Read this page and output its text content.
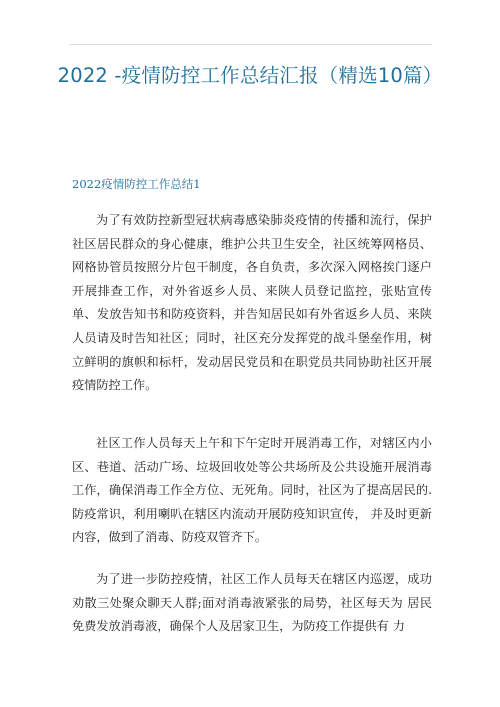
2022 -疫情防控工作总结汇报（精选10篇）
2022疫情防控工作总结1

为了有效防控新型冠状病毒感染肺炎疫情的传播和流行，保护社区居民群众的身心健康，维护公共卫生安全，社区统筹网格员、网格协管员按照分片包干制度，各自负责，多次深入网格挨门逐户开展排查工作，对外省返乡人员、来陕人员登记监控，张贴宣传单、发放告知书和防疫资料，并告知居民如有外省返乡人员、来陕人员请及时告知社区；同时，社区充分发挥党的战斗堡垒作用，树立鲜明的旗帜和标杆，发动居民党员和在职党员共同协助社区开展疫情防控工作。

社区工作人员每天上午和下午定时开展消毒工作，对辖区内小区、巷道、活动广场、垃圾回收处等公共场所及公共设施开展消毒工作，确保消毒工作全方位、无死角。同时，社区为了提高居民的.防疫常识，利用喇叭在辖区内流动开展防疫知识宣传， 并及时更新内容，做到了消毒、防疫双管齐下。

为了进一步防控疫情，社区工作人员每天在辖区内巡逻，成功劝散三处聚众聊天人群;面对消毒液紧张的局势，社区每天为 居民免费发放消毒液，确保个人及居家卫生，为防疫工作提供有 力
